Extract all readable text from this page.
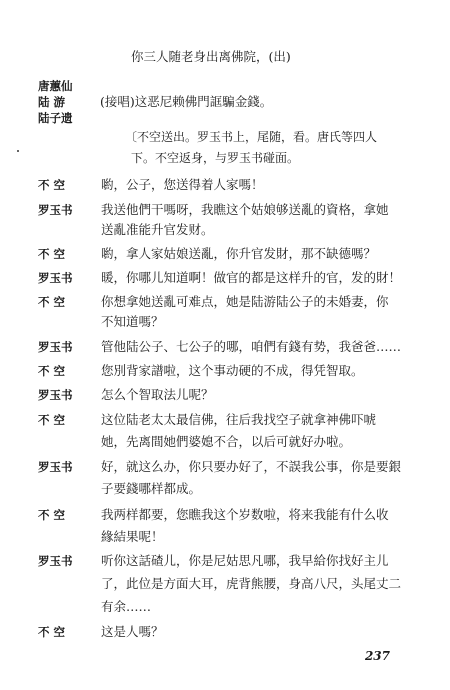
你三人随老身出离佛院，(出)
唐蕙仙
陆 游	(接唱)这恶尼赖佛門誆騙金錢。
陆子遗
〔不空送出。罗玉书上，尾随，看。唐氏等四人
下。不空返身，与罗玉书碰面。
不 空	喲，公子，您送得着人家嗎！
罗玉书 我送他們干嗎呀，我瞧这个姑娘够送亂的資格，拿她
送亂准能升官发财。
不 空	喲，拿人家姑娘送亂，你升官发財，那不缺德嗎？
罗玉书 暖，你哪儿知道啊！做官的都是这样升的官，发的財！
不 空	你想拿她送亂可难点，她是陆游陆公子的未婚妻，你
不知道嗎？
罗玉书 管他陆公子、七公子的哪，咱們有錢有势，我爸爸……
不 空	您別背家譜啦，这个事动硬的不成，得凭智取。
罗玉书 怎么个智取法儿呢？
不 空	这位陆老太太最信佛，往后我找空子就拿神佛吓唬
她，先离間她們婆媳不合，以后可就好办啦。
罗玉书 好，就这么办，你只要办好了，不誤我公事，你是要銀
子要錢哪样都成。
不 空	我两样都要，您瞧我这个岁数啦，将来我能有什么收
緣結果呢！
罗玉书 听你这話碴儿，你是尼姑思凡哪，我早給你找好主儿
了，此位是方面大耳，虎背熊腰，身高八尺，头尾丈二
有余……
不 空	这是人嗎？
237
